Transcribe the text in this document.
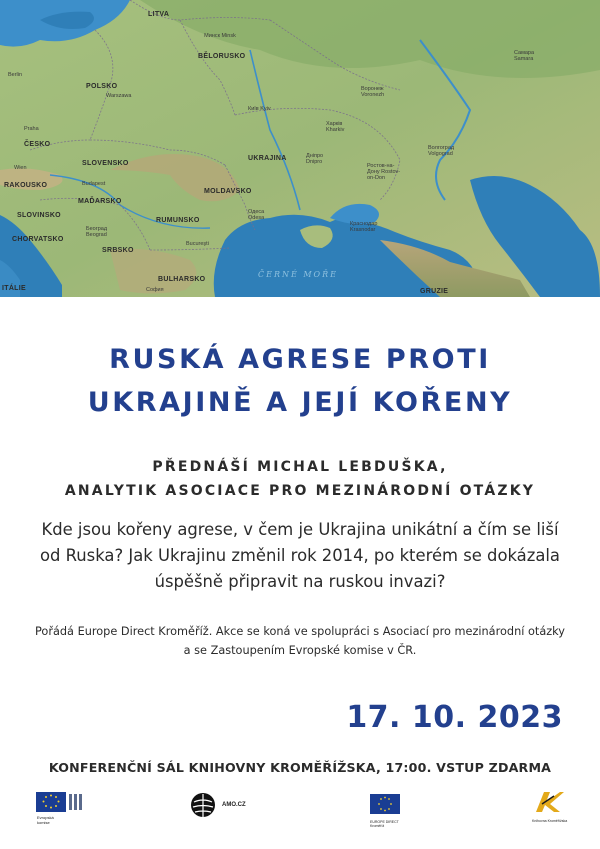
LITVA
BĚLORUSKO
POLSKO
ČESKO
SLOVENSKO
RAKOUSKO
MAĎARSKO
SLOVINSKO
CHORVATSKO
SRBSKO
RUMUNSKO
MOLDAVSKO
UKRAJINA
BULHARSKO
ITÁLIE	GRUZIE
Минск Minsk
Berlin
Warszawa
Praha
Wien
Budapest
Београд Beograd
Київ Kyiv
Харків Kharkiv
Дніпро Dnipro
Одеса Odesa
Bucureşti
София
Воронеж Voronezh
Волгоград Volgograd
Ростов-на-Дону Rostov-on-Don
Краснодар Krasnodar
Самара Samara
ČERNÉ MOŘE
RUSKÁ AGRESE PROTI
UKRAJINĚ A JEJÍ KOŘENY
PŘEDNÁŠÍ MICHAL LEBDUŠKA,
ANALYTIK ASOCIACE PRO MEZINÁRODNÍ OTÁZKY
Kde jsou kořeny agrese, v čem je Ukrajina unikátní a čím se liší od Ruska? Jak Ukrajinu změnil rok 2014, po kterém se dokázala úspěšně připravit na ruskou invazi?
Pořádá Europe Direct Kroměříž. Akce se koná ve spolupráci s Asociací pro mezinárodní otázky a se Zastoupením Evropské komise v ČR.
17. 10. 2023
KONFERENČNÍ SÁL KNIHOVNY KROMĚŘÍŽSKA, 17:00. VSTUP ZDARMA
Evropská komise
AMO.CZ
EUROPE DIRECT Kroměříž
Knihovna Kroměřížska
